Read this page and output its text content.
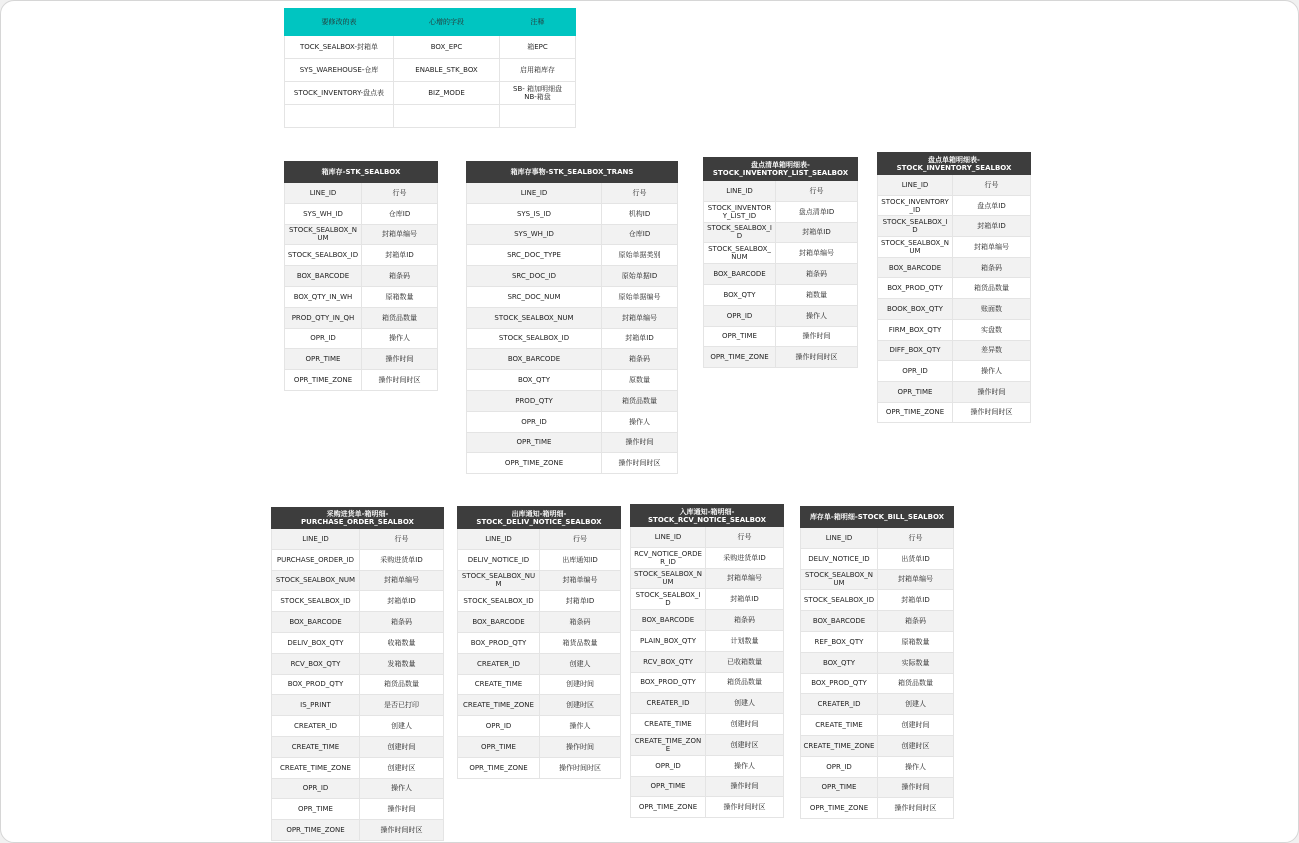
要修改的表	心增的字段	注释
TOCK_SEALBOX-封箱单	BOX_EPC	箱EPC
SYS_WAREHOUSE-仓库	ENABLE_STK_BOX	启用箱库存
STOCK_INVENTORY-盘点表	BIZ_MODE	SB- 箱加明细盘
NB-箱盘

箱库存-STK_SEALBOX	
LINE_ID	行号
SYS_WH_ID	仓库ID
STOCK_SEALBOX_NUM	封箱单编号
STOCK_SEALBOX_ID	封箱单ID
BOX_BARCODE	箱条码
BOX_QTY_IN_WH	原箱数量
PROD_QTY_IN_QH	箱货品数量
OPR_ID	操作人
OPR_TIME	操作时间
OPR_TIME_ZONE	操作时间时区
箱库存事物-STK_SEALBOX_TRANS	
LINE_ID	行号
SYS_IS_ID	机构ID
SYS_WH_ID	仓库ID
SRC_DOC_TYPE	原始单据类别
SRC_DOC_ID	原始单据ID
SRC_DOC_NUM	原始单据编号
STOCK_SEALBOX_NUM	封箱单编号
STOCK_SEALBOX_ID	封箱单ID
BOX_BARCODE	箱条码
BOX_QTY	原数量
PROD_QTY	箱货品数量
OPR_ID	操作人
OPR_TIME	操作时间
OPR_TIME_ZONE	操作时间时区
盘点清单箱明细表-STOCK_INVENTORY_LIST_SEALBOX	
LINE_ID	行号
STOCK_INVENTORY_LIST_ID	盘点清单ID
STOCK_SEALBOX_ID	封箱单ID
STOCK_SEALBOX_NUM	封箱单编号
BOX_BARCODE	箱条码
BOX_QTY	箱数量
OPR_ID	操作人
OPR_TIME	操作时间
OPR_TIME_ZONE	操作时间时区
盘点单箱明细表-STOCK_INVENTORY_SEALBOX	
LINE_ID	行号
STOCK_INVENTORY_ID	盘点单ID
STOCK_SEALBOX_ID	封箱单ID
STOCK_SEALBOX_NUM	封箱单编号
BOX_BARCODE	箱条码
BOX_PROD_QTY	箱货品数量
BOOK_BOX_QTY	账面数
FIRM_BOX_QTY	实盘数
DIFF_BOX_QTY	差异数
OPR_ID	操作人
OPR_TIME	操作时间
OPR_TIME_ZONE	操作时间时区
采购进货单-箱明细-PURCHASE_ORDER_SEALBOX	
LINE_ID	行号
PURCHASE_ORDER_ID	采购进货单ID
STOCK_SEALBOX_NUM	封箱单编号
STOCK_SEALBOX_ID	封箱单ID
BOX_BARCODE	箱条码
DELIV_BOX_QTY	收箱数量
RCV_BOX_QTY	发箱数量
BOX_PROD_QTY	箱货品数量
IS_PRINT	是否已打印
CREATER_ID	创建人
CREATE_TIME	创建时间
CREATE_TIME_ZONE	创建时区
OPR_ID	操作人
OPR_TIME	操作时间
OPR_TIME_ZONE	操作时间时区
出库通知-箱明细-STOCK_DELIV_NOTICE_SEALBOX	
LINE_ID	行号
DELIV_NOTICE_ID	出库通知ID
STOCK_SEALBOX_NUM	封箱单编号
STOCK_SEALBOX_ID	封箱单ID
BOX_BARCODE	箱条码
BOX_PROD_QTY	箱货品数量
CREATER_ID	创建人
CREATE_TIME	创建时间
CREATE_TIME_ZONE	创建时区
OPR_ID	操作人
OPR_TIME	操作时间
OPR_TIME_ZONE	操作时间时区
入库通知-箱明细-STOCK_RCV_NOTICE_SEALBOX	
LINE_ID	行号
RCV_NOTICE_ORDER_ID	采购进货单ID
STOCK_SEALBOX_NUM	封箱单编号
STOCK_SEALBOX_ID	封箱单ID
BOX_BARCODE	箱条码
PLAIN_BOX_QTY	计划数量
RCV_BOX_QTY	已收箱数量
BOX_PROD_QTY	箱货品数量
CREATER_ID	创建人
CREATE_TIME	创建时间
CREATE_TIME_ZONE	创建时区
OPR_ID	操作人
OPR_TIME	操作时间
OPR_TIME_ZONE	操作时间时区
库存单-箱明细-STOCK_BILL_SEALBOX	
LINE_ID	行号
DELIV_NOTICE_ID	出货单ID
STOCK_SEALBOX_NUM	封箱单编号
STOCK_SEALBOX_ID	封箱单ID
BOX_BARCODE	箱条码
REF_BOX_QTY	原箱数量
BOX_QTY	实际数量
BOX_PROD_QTY	箱货品数量
CREATER_ID	创建人
CREATE_TIME	创建时间
CREATE_TIME_ZONE	创建时区
OPR_ID	操作人
OPR_TIME	操作时间
OPR_TIME_ZONE	操作时间时区
